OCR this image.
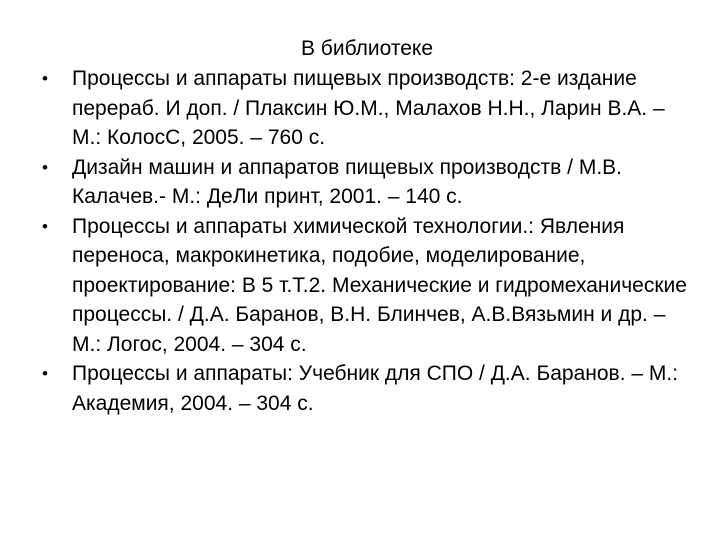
В библиотеке
•	Процессы и аппараты пищевых производств: 2-е издание перераб. И доп. / Плаксин Ю.М., Малахов Н.Н., Ларин В.А. – М.: КолосС, 2005. – 760 с.
•	Дизайн машин и аппаратов пищевых производств / М.В. Калачев.- М.: ДеЛи принт, 2001. – 140 с.
•	Процессы и аппараты химической технологии.: Явления переноса, макрокинетика, подобие, моделирование, проектирование: В 5 т.Т.2. Механические и гидромеханические процессы. / Д.А. Баранов, В.Н. Блинчев, А.В.Вязьмин и др. – М.: Логос, 2004. – 304 с.
•	Процессы и аппараты: Учебник для СПО / Д.А. Баранов. – М.: Академия, 2004. – 304 с.
